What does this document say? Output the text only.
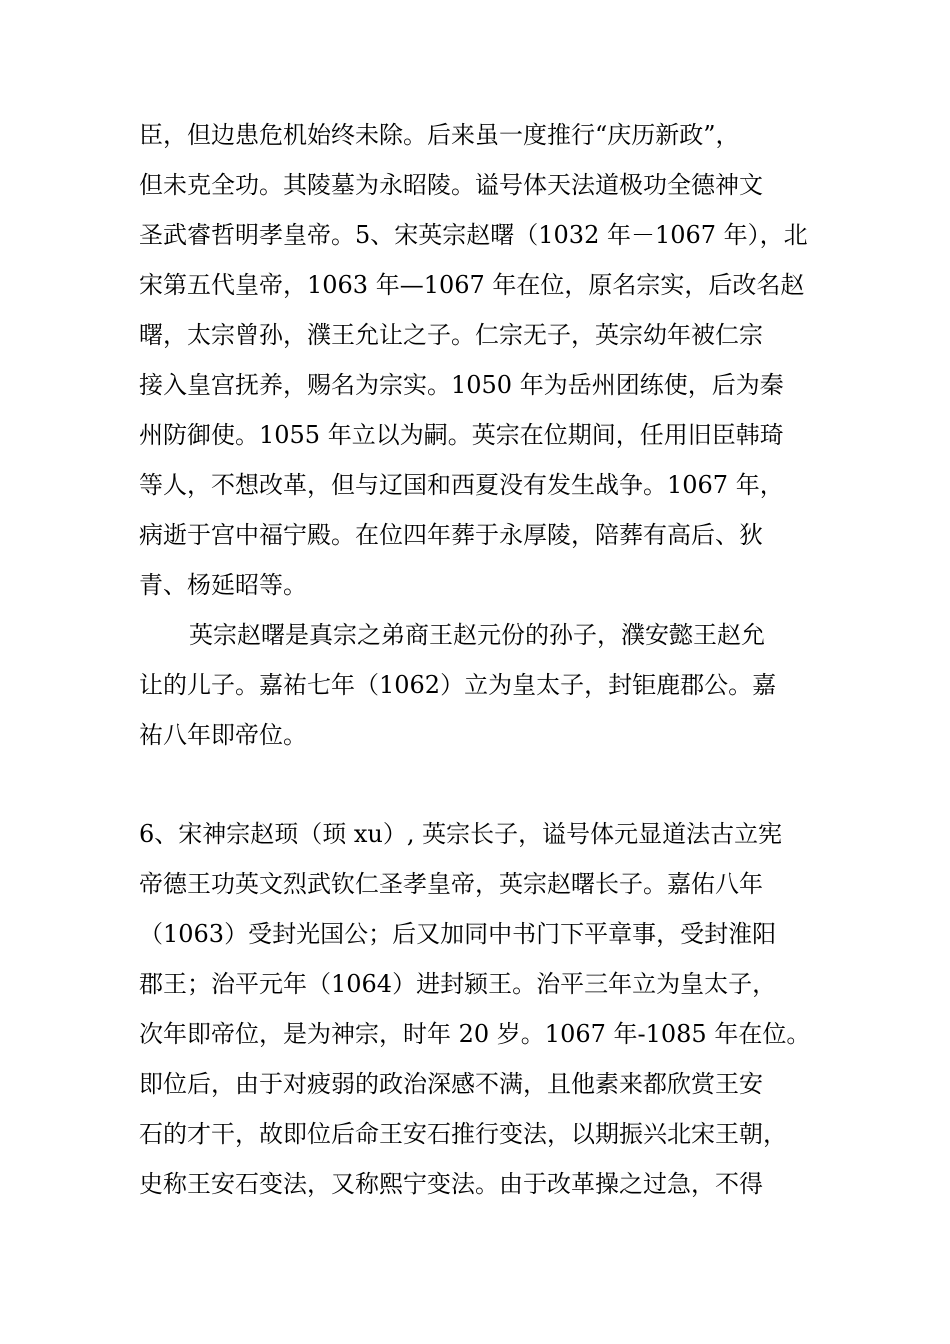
臣，但边患危机始终未除。后来虽一度推行“庆历新政”，
但未克全功。其陵墓为永昭陵。谥号体天法道极功全德神文
圣武睿哲明孝皇帝。5、宋英宗赵曙（1032 年－1067 年），北
宋第五代皇帝，1063 年—1067 年在位，原名宗实，后改名赵
曙，太宗曾孙，濮王允让之子。仁宗无子，英宗幼年被仁宗
接入皇宫抚养，赐名为宗实。1050 年为岳州团练使，后为秦
州防御使。1055 年立以为嗣。英宗在位期间，任用旧臣韩琦
等人，不想改革，但与辽国和西夏没有发生战争。1067 年，
病逝于宫中福宁殿。在位四年葬于永厚陵，陪葬有高后、狄
青、杨延昭等。
英宗赵曙是真宗之弟商王赵元份的孙子，濮安懿王赵允
让的儿子。嘉祐七年（1062）立为皇太子，封钜鹿郡公。嘉
祐八年即帝位。
6、宋神宗赵顼（顼 xu）, 英宗长子，谥号体元显道法古立宪
帝德王功英文烈武钦仁圣孝皇帝，英宗赵曙长子。嘉佑八年
（1063）受封光国公；后又加同中书门下平章事，受封淮阳
郡王；治平元年（1064）进封颍王。治平三年立为皇太子，
次年即帝位，是为神宗，时年 20 岁。1067 年-1085 年在位。
即位后，由于对疲弱的政治深感不满，且他素来都欣赏王安
石的才干，故即位后命王安石推行变法，以期振兴北宋王朝，
史称王安石变法，又称熙宁变法。由于改革操之过急，不得
